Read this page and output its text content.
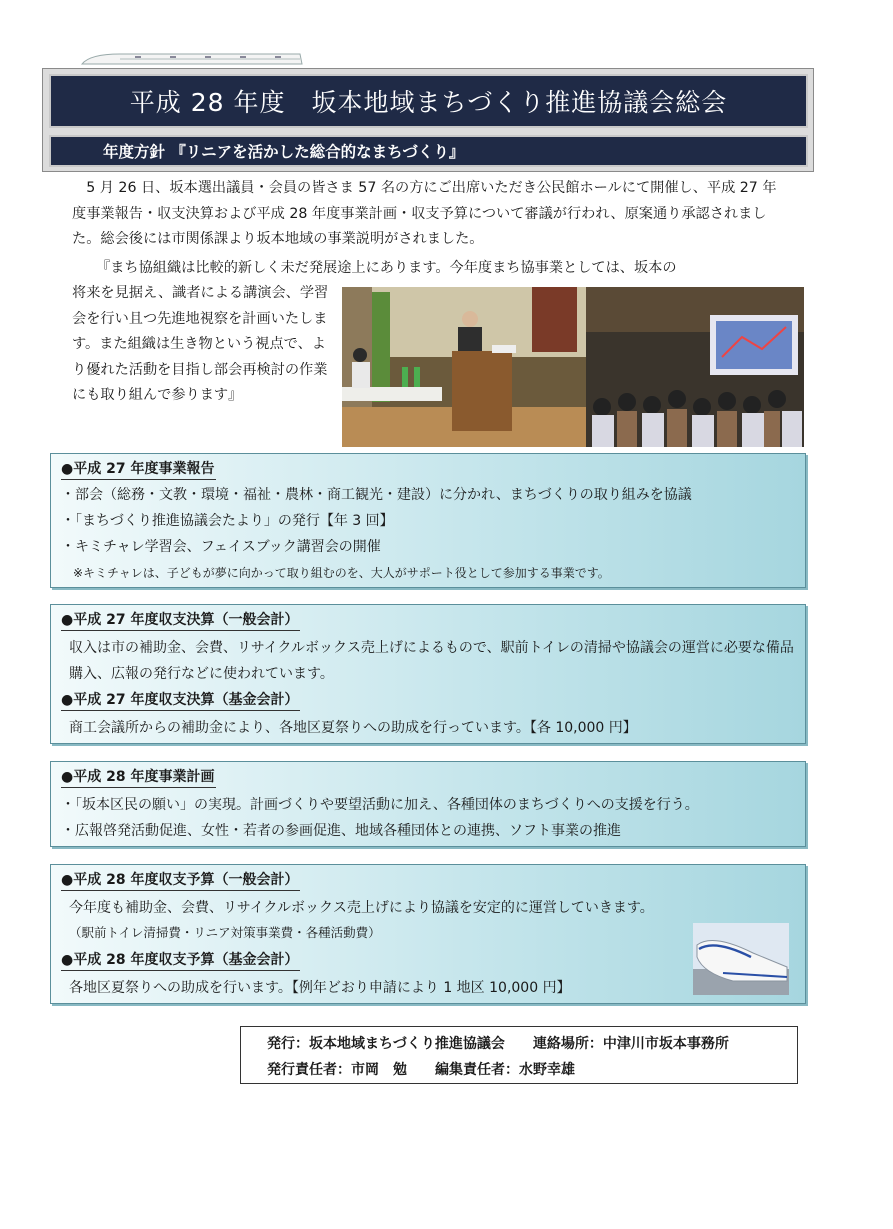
平成 28 年度　坂本地域まちづくり推進協議会総会
年度方針 『リニアを活かした総合的なまちづくり』

5 月 26 日、坂本選出議員・会員の皆さま 57 名の方にご出席いただき公民館ホールにて開催し、平成 27 年度事業報告・収支決算および平成 28 年度事業計画・収支予算について審議が行われ、原案通り承認されました。総会後には市関係課より坂本地域の事業説明がされました。

『まち協組織は比較的新しく未だ発展途上にあります。今年度まち協事業としては、坂本の
将来を見据え、識者による講演会、学習会を行い且つ先進地視察を計画いたします。また組織は生き物という視点で、より優れた活動を目指し部会再検討の作業にも取り組んで参ります』
●平成 27 年度事業報告
・部会（総務・文教・環境・福祉・農林・商工観光・建設）に分かれ、まちづくりの取り組みを協議
・「まちづくり推進協議会たより」の発行【年 3 回】
・キミチャレ学習会、フェイスブック講習会の開催
※キミチャレは、子どもが夢に向かって取り組むのを、大人がサポート役として参加する事業です。
●平成 27 年度収支決算（一般会計）
収入は市の補助金、会費、リサイクルボックス売上げによるもので、駅前トイレの清掃や協議会の運営に必要な備品購入、広報の発行などに使われています。
●平成 27 年度収支決算（基金会計）
商工会議所からの補助金により、各地区夏祭りへの助成を行っています。【各 10,000 円】
●平成 28 年度事業計画
・「坂本区民の願い」の実現。計画づくりや要望活動に加え、各種団体のまちづくりへの支援を行う。
・広報啓発活動促進、女性・若者の参画促進、地域各種団体との連携、ソフト事業の推進
●平成 28 年度収支予算（一般会計）
今年度も補助金、会費、リサイクルボックス売上げにより協議を安定的に運営していきます。
（駅前トイレ清掃費・リニア対策事業費・各種活動費）
●平成 28 年度収支予算（基金会計）
各地区夏祭りへの助成を行います。【例年どおり申請により 1 地区 10,000 円】
発行：坂本地域まちづくり推進協議会　　連絡場所：中津川市坂本事務所
発行責任者：市岡　勉　　編集責任者：水野幸雄
